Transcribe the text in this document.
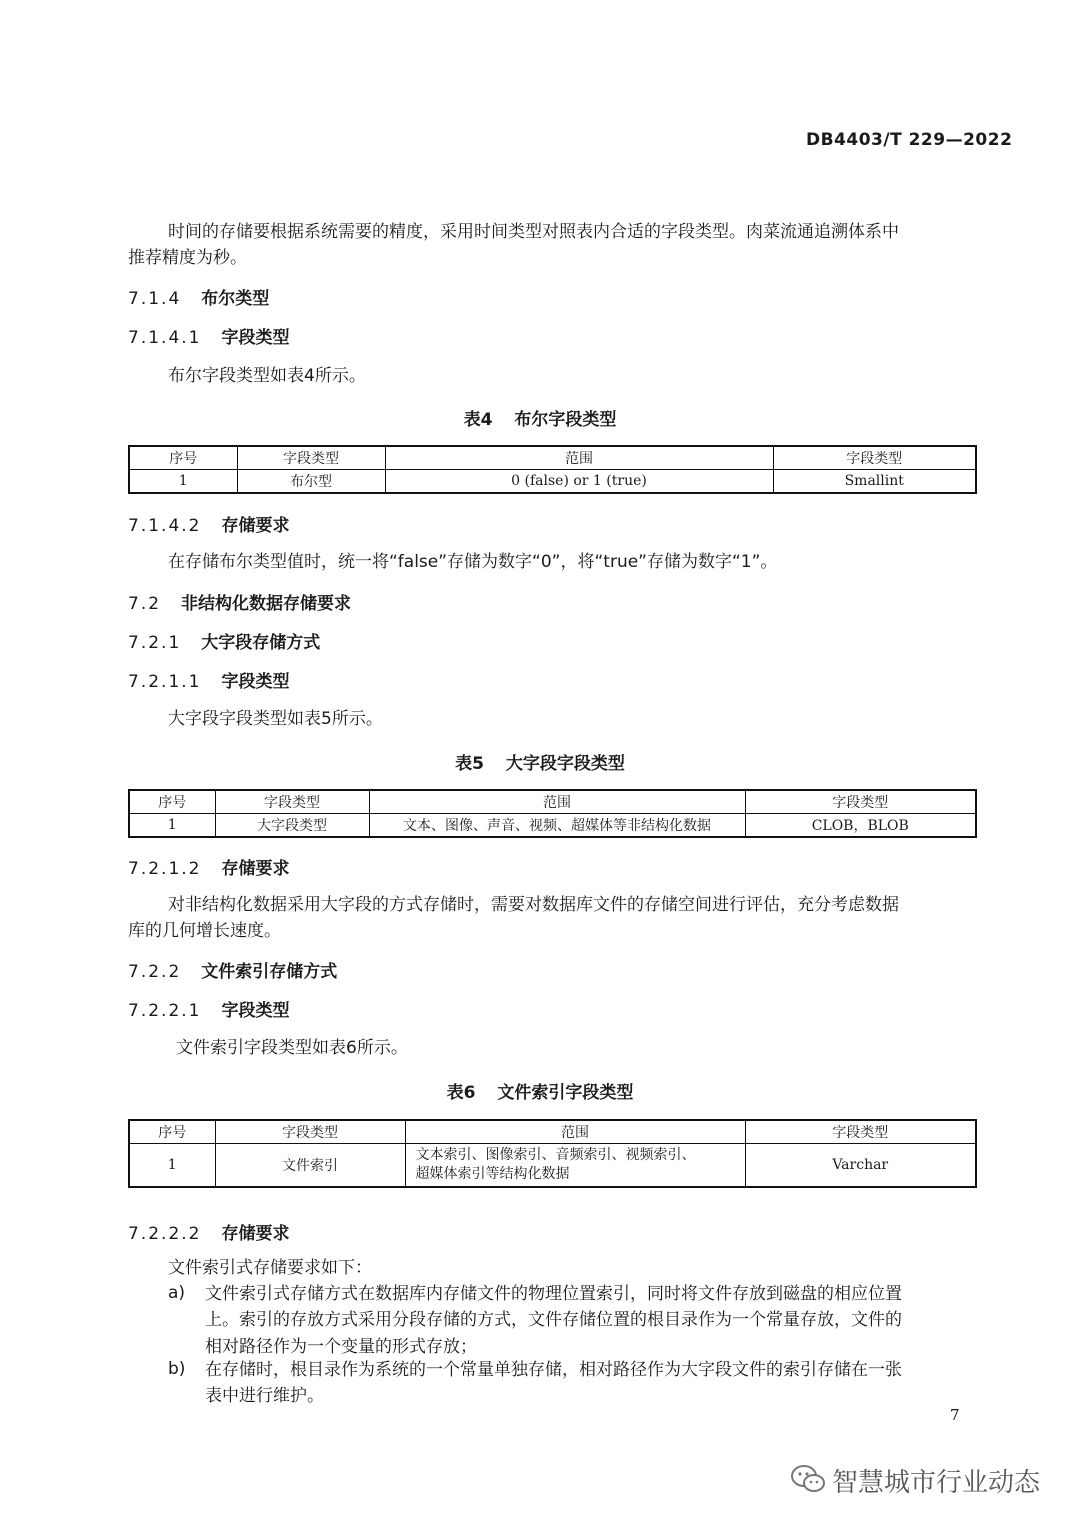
DB4403/T 229—2022
时间的存储要根据系统需要的精度，采用时间类型对照表内合适的字段类型。肉菜流通追溯体系中
推荐精度为秒。
7.1.4 布尔类型
7.1.4.1 字段类型
布尔字段类型如表4所示。
表4 布尔字段类型
序号	字段类型	范围	字段类型
1	布尔型	0 (false) or 1 (true)	Smallint
7.1.4.2 存储要求
在存储布尔类型值时，统一将“false”存储为数字“0”，将“true”存储为数字“1”。
7.2 非结构化数据存储要求
7.2.1 大字段存储方式
7.2.1.1 字段类型
大字段字段类型如表5所示。
表5 大字段字段类型
序号	字段类型	范围	字段类型
1	大字段类型	文本、图像、声音、视频、超媒体等非结构化数据	CLOB，BLOB
7.2.1.2 存储要求
对非结构化数据采用大字段的方式存储时，需要对数据库文件的存储空间进行评估，充分考虑数据
库的几何增长速度。
7.2.2 文件索引存储方式
7.2.2.1 字段类型
文件索引字段类型如表6所示。
表6 文件索引字段类型
序号	字段类型	范围	字段类型
1	文件索引	文本索引、图像索引、音频索引、视频索引、
超媒体索引等结构化数据	Varchar
7.2.2.2 存储要求
文件索引式存储要求如下：
a) 文件索引式存储方式在数据库内存储文件的物理位置索引，同时将文件存放到磁盘的相应位置
上。索引的存放方式采用分段存储的方式，文件存储位置的根目录作为一个常量存放，文件的
相对路径作为一个变量的形式存放；
b) 在存储时，根目录作为系统的一个常量单独存储，相对路径作为大字段文件的索引存储在一张
表中进行维护。
7
智慧城市行业动态
